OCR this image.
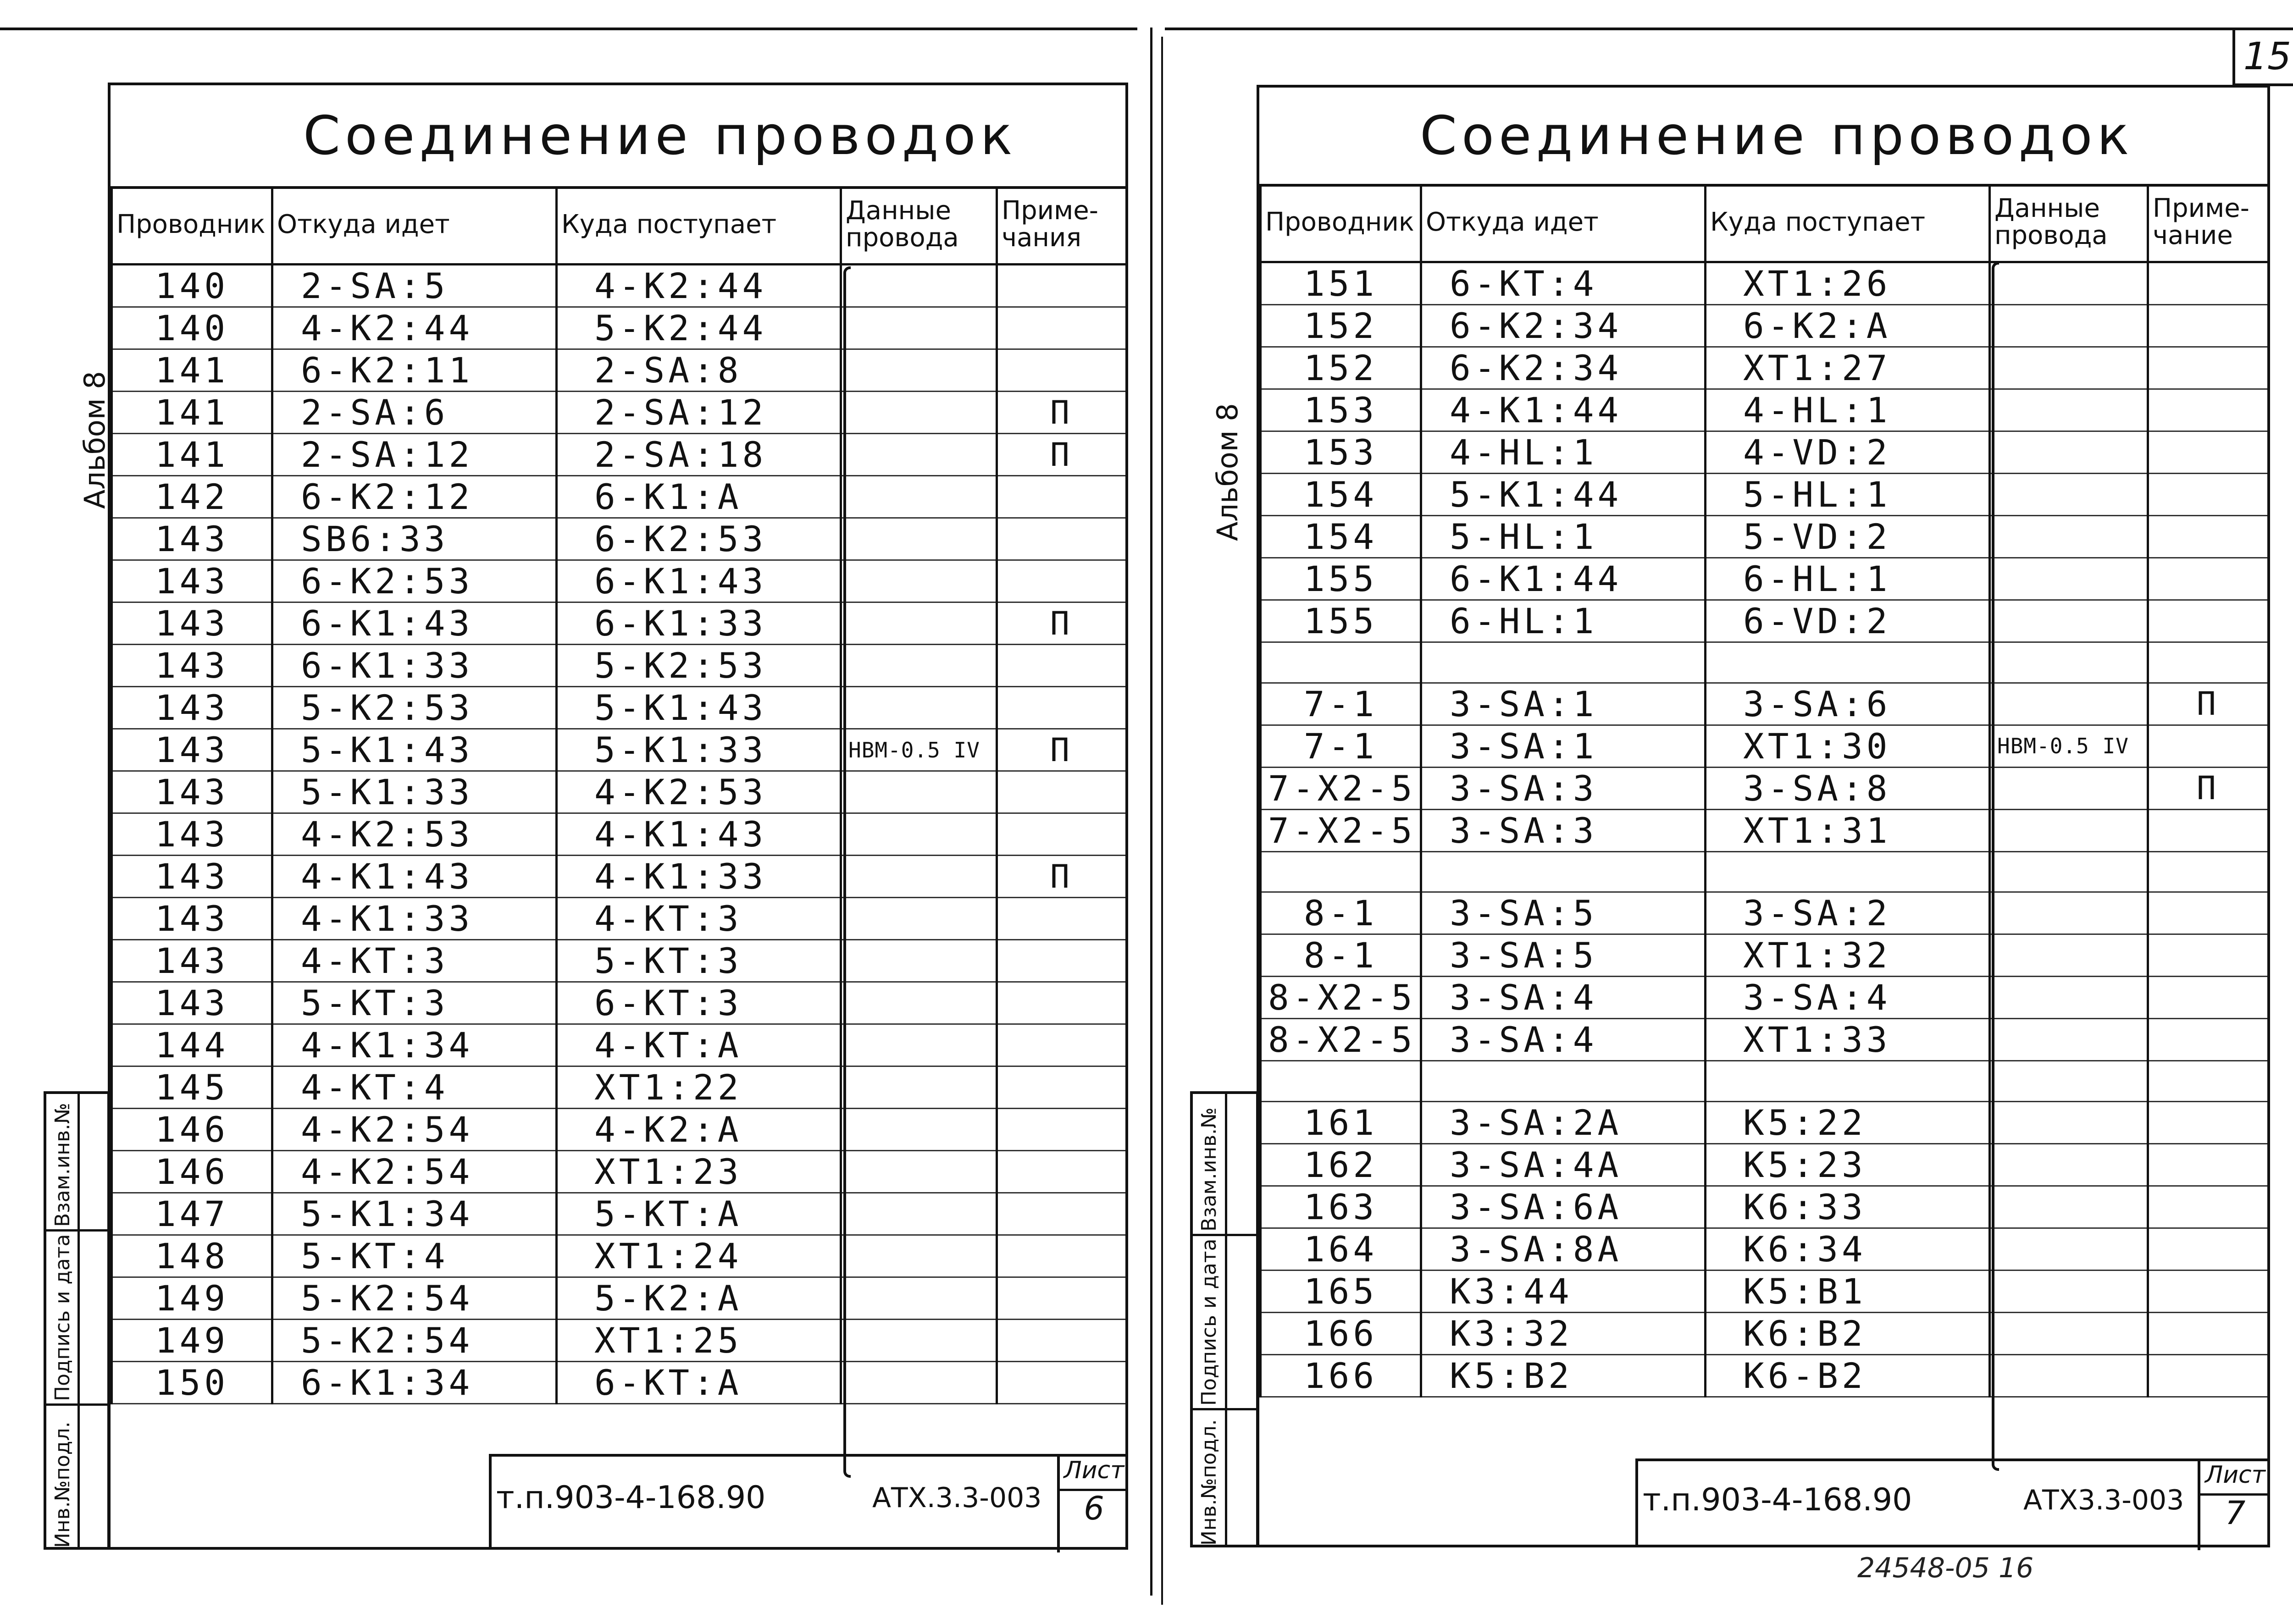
15
Альбом 8
Соединение проводок
Проводник	Откуда идет	Куда поступает	Данные провода	Приме-чания
140	2-SA:5	4-K2:44		
140	4-K2:44	5-K2:44		
141	6-K2:11	2-SA:8		
141	2-SA:6	2-SA:12		П
141	2-SA:12	2-SA:18		П
142	6-K2:12	6-K1:A		
143	SB6:33	6-K2:53		
143	6-K2:53	6-K1:43		
143	6-K1:43	6-K1:33		П
143	6-K1:33	5-K2:53		
143	5-K2:53	5-K1:43		
143	5-K1:43	5-K1:33	НВМ-0.5 IV	П
143	5-K1:33	4-K2:53		
143	4-K2:53	4-K1:43		
143	4-K1:43	4-K1:33		П
143	4-K1:33	4-KT:3		
143	4-KT:3	5-KT:3		
143	5-KT:3	6-KT:3		
144	4-K1:34	4-KT:A		
145	4-KT:4	XT1:22		
146	4-K2:54	4-K2:A		
146	4-K2:54	XT1:23		
147	5-K1:34	5-KT:A		
148	5-KT:4	XT1:24		
149	5-K2:54	5-K2:A		
149	5-K2:54	XT1:25		
150	6-K1:34	6-KT:A		
т.п.903-4-168.90	АТХ.3.3-003
Лист
6
Инв.№подл.
Подпись и дата
Взам.инв.№
Альбом 8
Соединение проводок
Проводник	Откуда идет	Куда поступает	Данные провода	Приме-чание
151	6-KT:4	XT1:26		
152	6-K2:34	6-K2:A		
152	6-K2:34	XT1:27		
153	4-K1:44	4-HL:1		
153	4-HL:1	4-VD:2		
154	5-K1:44	5-HL:1		
154	5-HL:1	5-VD:2		
155	6-K1:44	6-HL:1		
155	6-HL:1	6-VD:2		

7-1	3-SA:1	3-SA:6		П
7-1	3-SA:1	XT1:30	НВМ-0.5 IV	
7-X2-5	3-SA:3	3-SA:8		П
7-X2-5	3-SA:3	XT1:31		

8-1	3-SA:5	3-SA:2		
8-1	3-SA:5	XT1:32		
8-X2-5	3-SA:4	3-SA:4		
8-X2-5	3-SA:4	XT1:33		

161	3-SA:2A	K5:22		
162	3-SA:4A	K5:23		
163	3-SA:6A	K6:33		
164	3-SA:8A	K6:34		
165	K3:44	K5:B1		
166	K3:32	K6:B2		
166	K5:B2	K6-B2		
т.п.903-4-168.90	АТХ3.3-003
Лист
7
Инв.№подл.
Подпись и дата
Взам.инв.№
24548-05 16
